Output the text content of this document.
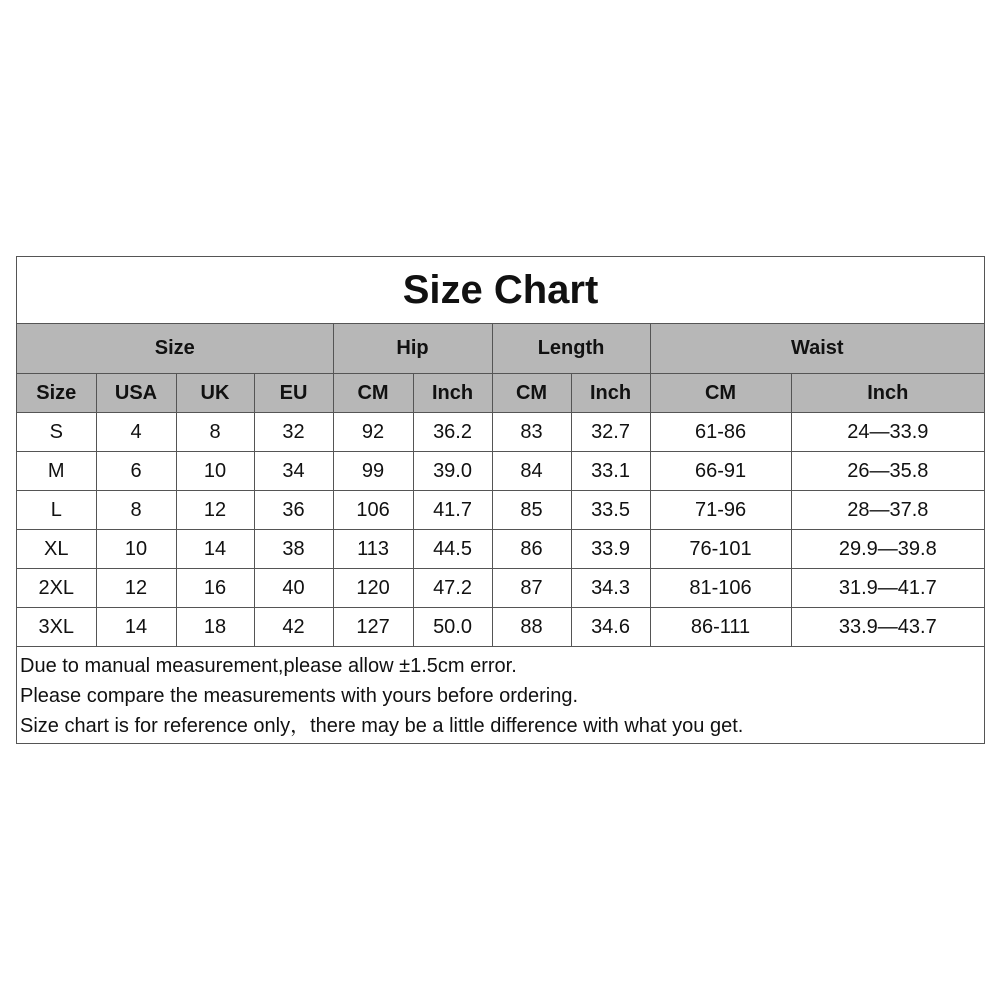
Size Chart
Size				Hip		Length		Waist	
Size	USA	UK	EU	CM	Inch	CM	Inch	CM	Inch
S	4	8	32	92	36.2	83	32.7	61-86	24—33.9
M	6	10	34	99	39.0	84	33.1	66-91	26—35.8
L	8	12	36	106	41.7	85	33.5	71-96	28—37.8
XL	10	14	38	113	44.5	86	33.9	76-101	29.9—39.8
2XL	12	16	40	120	47.2	87	34.3	81-106	31.9—41.7
3XL	14	18	42	127	50.0	88	34.6	86-111	33.9—43.7
Due to manual measurement,please allow ±1.5cm error.
Please compare the measurements with yours before ordering.
Size chart is for reference only，there may be a little difference with what you get.
